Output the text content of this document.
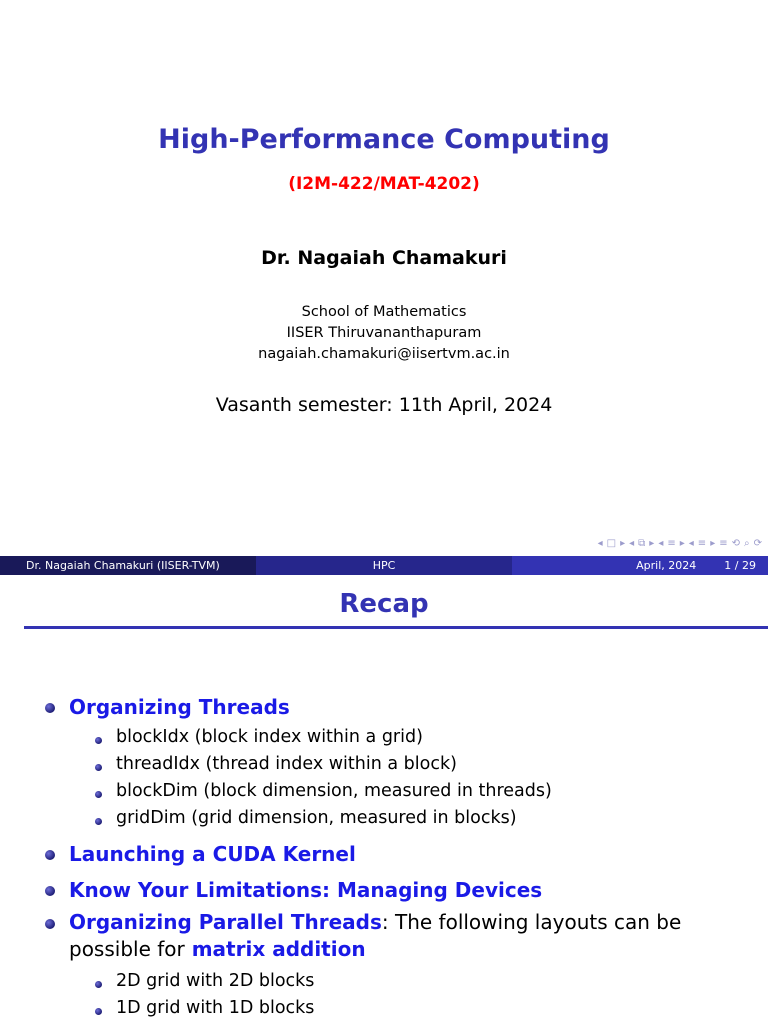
High-Performance Computing
(I2M-422/MAT-4202)
Dr. Nagaiah Chamakuri
School of Mathematics
IISER Thiruvananthapuram
nagaiah.chamakuri@iisertvm.ac.in
Vasanth semester: 11th April, 2024
◂ □ ▸ ◂ ⧉ ▸ ◂ ≡ ▸ ◂ ≡ ▸ ≡ ⟲ ⌕ ⟳
Dr. Nagaiah Chamakuri (IISER-TVM)	HPC	April, 2024	1 / 29
Recap
Organizing Threads
blockIdx (block index within a grid)
threadIdx (thread index within a block)
blockDim (block dimension, measured in threads)
gridDim (grid dimension, measured in blocks)
Launching a CUDA Kernel
Know Your Limitations: Managing Devices
Organizing Parallel Threads: The following layouts can be possible for matrix addition
2D grid with 2D blocks
1D grid with 1D blocks
